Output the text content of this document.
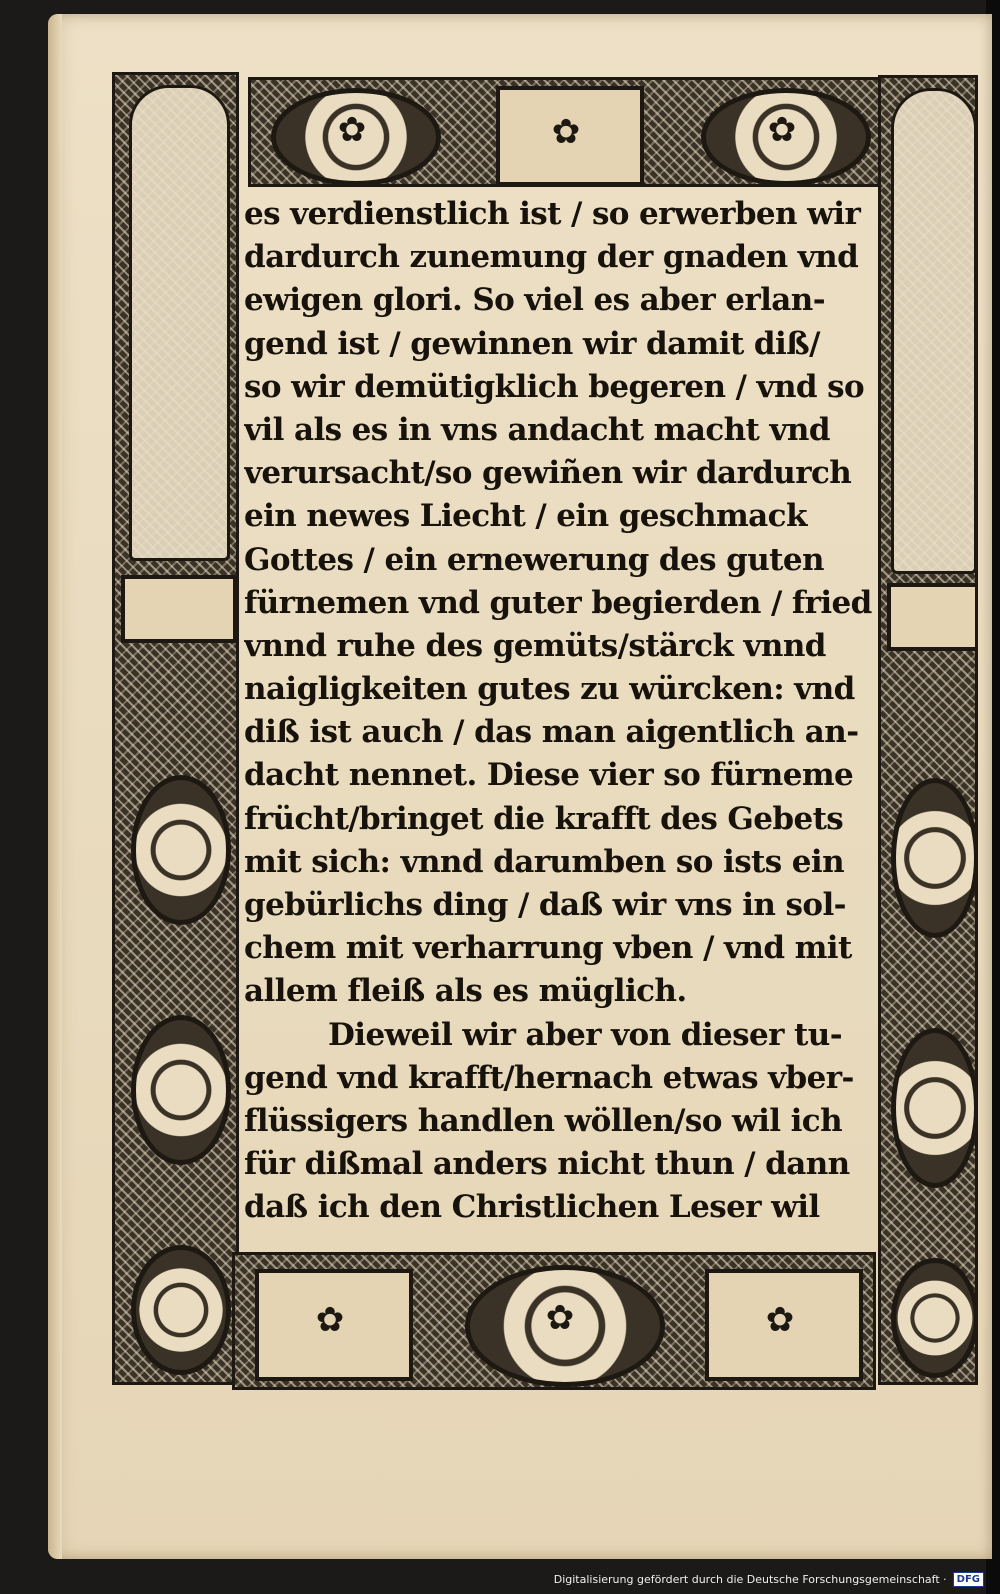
✿
✿	✿
✿	✿	✿
es verdienstlich ist / so erwerben wir
dardurch zunemung der gnaden vnd
ewigen glori. So viel es aber erlan-
gend ist / gewinnen wir damit diß/
so wir demütigklich begeren / vnd so
vil als es in vns andacht macht vnd
verursacht/so gewiñen wir dardurch
ein newes Liecht / ein geschmack
Gottes / ein ernewerung des guten
fürnemen vnd guter begierden / fried
vnnd ruhe des gemüts/stärck vnnd
naigligkeiten gutes zu würcken: vnd
diß ist auch / das man aigentlich an-
dacht nennet. Diese vier so fürneme
frücht/bringet die krafft des Gebets
mit sich: vnnd darumben so ists ein
gebürlichs ding / daß wir vns in sol-
chem mit verharrung vben / vnd mit
allem fleiß als es müglich.
Dieweil wir aber von dieser tu-
gend vnd krafft/hernach etwas vber-
flüssigers handlen wöllen/so wil ich
für dißmal anders nicht thun / dann
daß ich den Christlichen Leser wil
Digitalisierung gefördert durch die Deutsche Forschungsgemeinschaft ·	DFG
